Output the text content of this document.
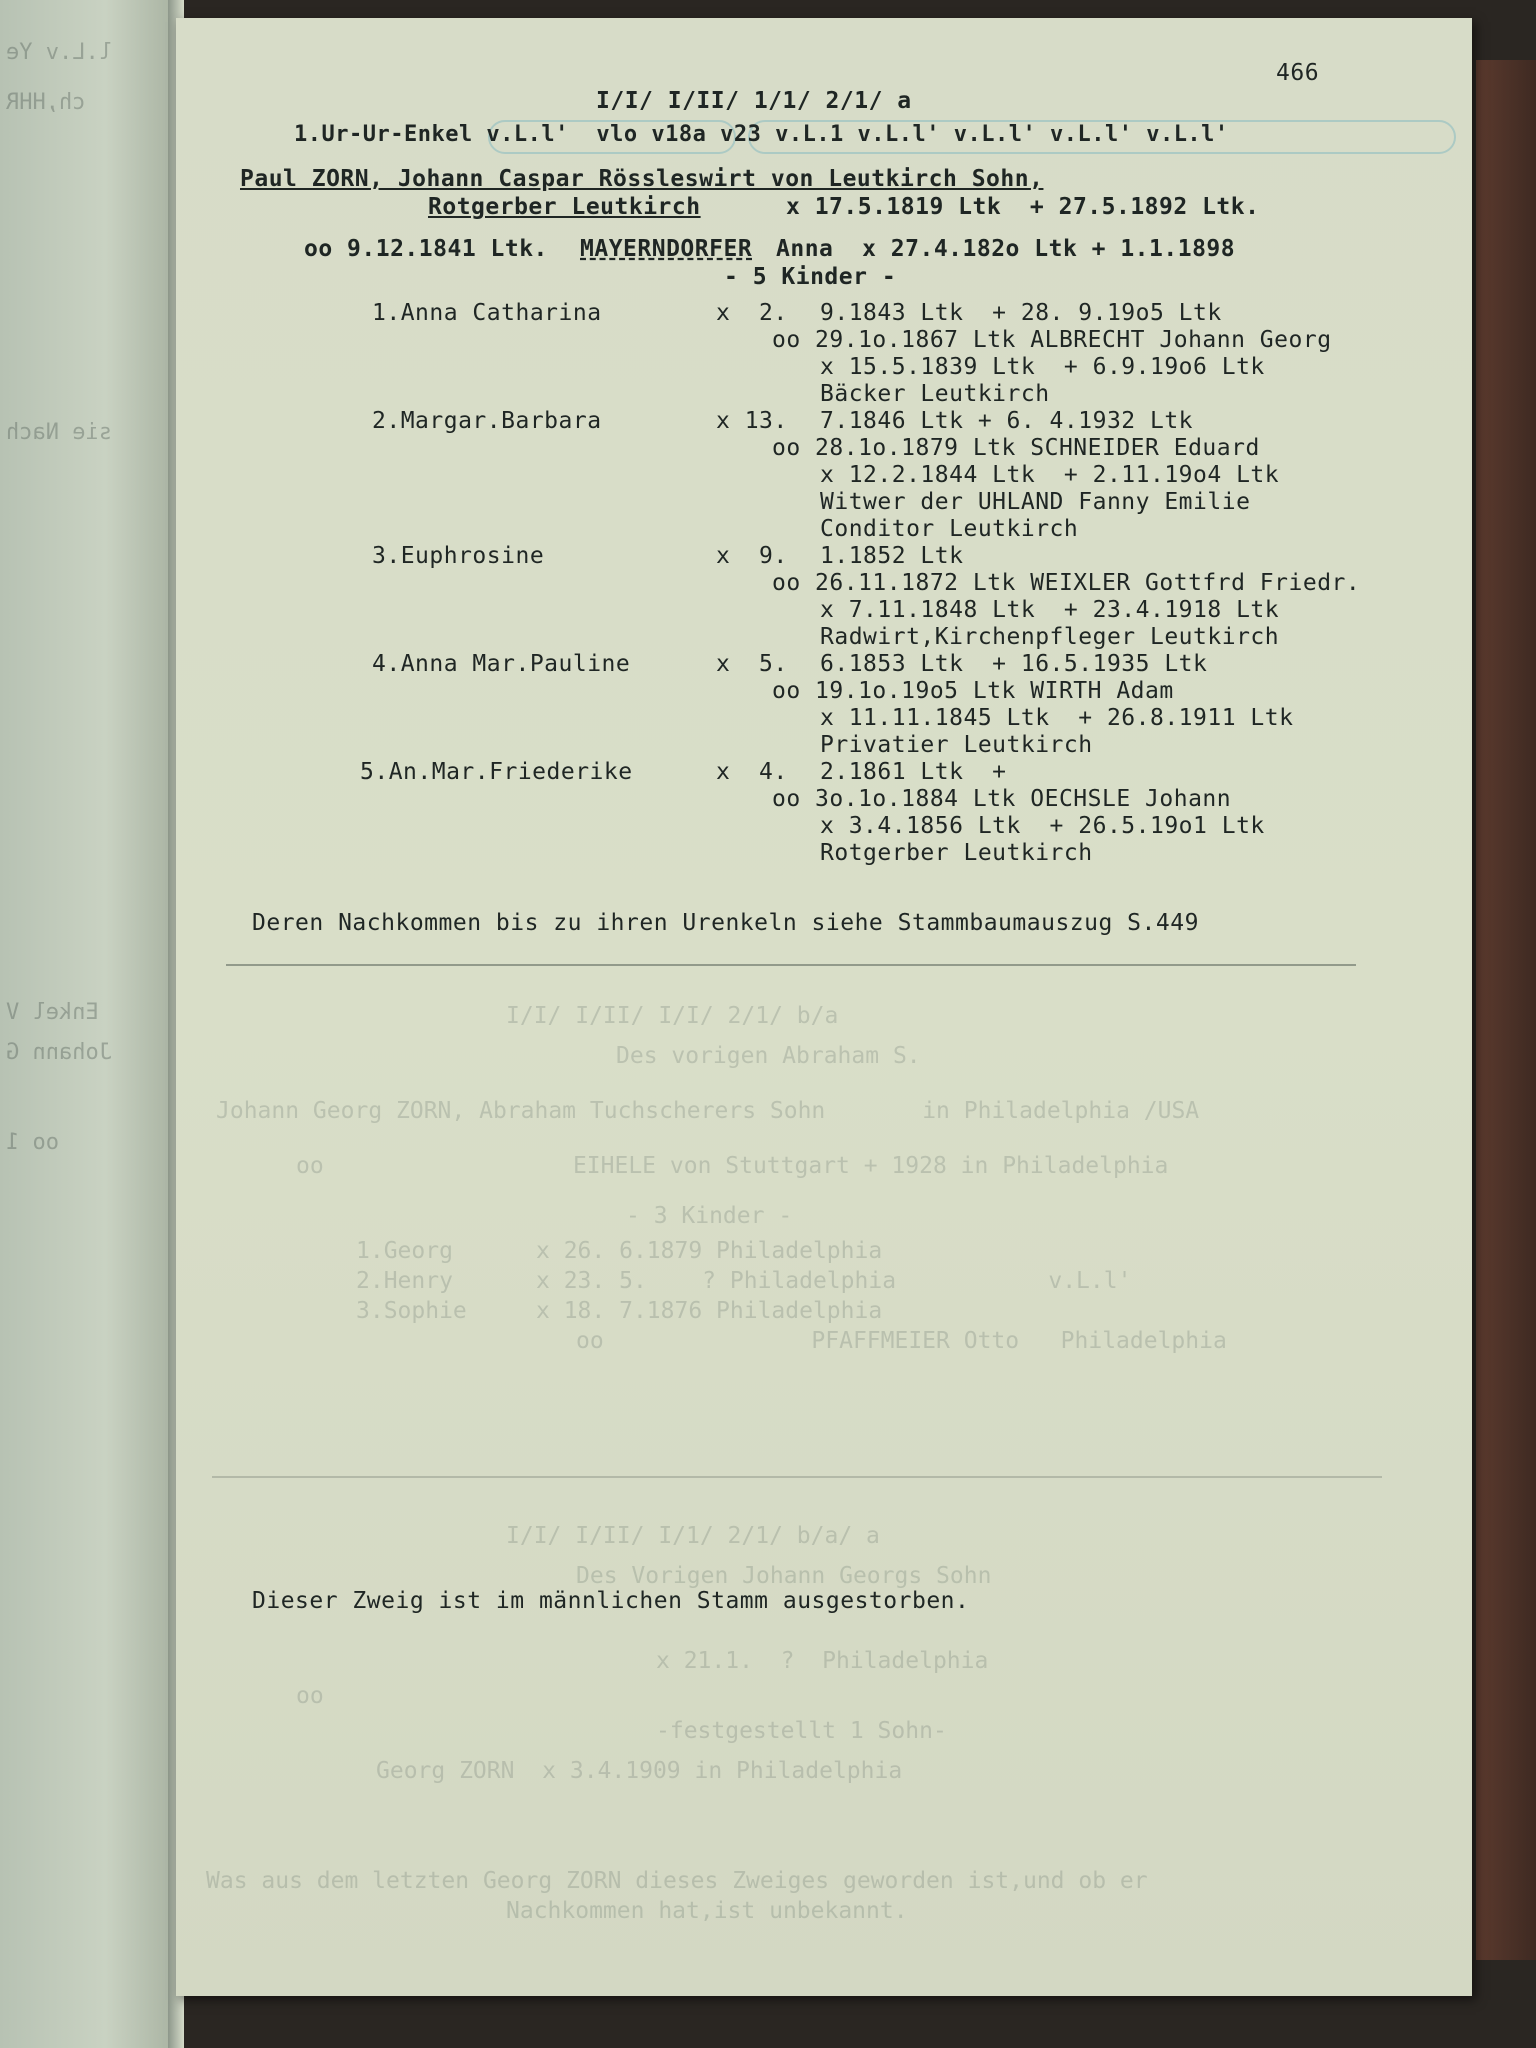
l.L.v Ye
ch,HHR
sie Nach
Enkel V
Johann G
oo 1
I/I/ I/II/ I/I/ 2/1/ b/a
Des vorigen Abraham S.
Johann Georg ZORN, Abraham Tuchscherers Sohn       in Philadelphia /USA
oo                  EIHELE von Stuttgart + 1928 in Philadelphia
- 3 Kinder -
1.Georg      x 26. 6.1879 Philadelphia
2.Henry      x 23. 5.    ? Philadelphia           v.L.l'
3.Sophie     x 18. 7.1876 Philadelphia
oo               PFAFFMEIER Otto   Philadelphia
I/I/ I/II/ I/1/ 2/1/ b/a/ a
Des Vorigen Johann Georgs Sohn
x 21.1.  ?  Philadelphia
oo
-festgestellt 1 Sohn-
Georg ZORN  x 3.4.1909 in Philadelphia
Was aus dem letzten Georg ZORN dieses Zweiges geworden ist,und ob er
Nachkommen hat,ist unbekannt.
466
I/I/ I/II/ 1/1/ 2/1/ a
1.Ur-Ur-Enkel v.L.l'  vlo v18a v23 v.L.1 v.L.l' v.L.l' v.L.l' v.L.l'
Paul ZORN, Johann Caspar Rössleswirt von Leutkirch Sohn,
Rotgerber Leutkirch	x 17.5.1819 Ltk  + 27.5.1892 Ltk.
oo 9.12.1841 Ltk. MAYERNDORFER Anna  x 27.4.182o Ltk + 1.1.1898
- 5 Kinder -
1.Anna Catharina	x  2. 9.1843 Ltk  + 28. 9.19o5 Ltk
oo 29.1o.1867 Ltk ALBRECHT Johann Georg
x 15.5.1839 Ltk  + 6.9.19o6 Ltk
Bäcker Leutkirch
2.Margar.Barbara	x 13. 7.1846 Ltk + 6. 4.1932 Ltk
oo 28.1o.1879 Ltk SCHNEIDER Eduard
x 12.2.1844 Ltk  + 2.11.19o4 Ltk
Witwer der UHLAND Fanny Emilie
Conditor Leutkirch
3.Euphrosine	x  9. 1.1852 Ltk
oo 26.11.1872 Ltk WEIXLER Gottfrd Friedr.
x 7.11.1848 Ltk  + 23.4.1918 Ltk
Radwirt,Kirchenpfleger Leutkirch
4.Anna Mar.Pauline	x  5. 6.1853 Ltk  + 16.5.1935 Ltk
oo 19.1o.19o5 Ltk WIRTH Adam
x 11.11.1845 Ltk  + 26.8.1911 Ltk
Privatier Leutkirch
5.An.Mar.Friederike	x  4. 2.1861 Ltk  +
oo 3o.1o.1884 Ltk OECHSLE Johann
x 3.4.1856 Ltk  + 26.5.19o1 Ltk
Rotgerber Leutkirch
Deren Nachkommen bis zu ihren Urenkeln siehe Stammbaumauszug S.449
Dieser Zweig ist im männlichen Stamm ausgestorben.
